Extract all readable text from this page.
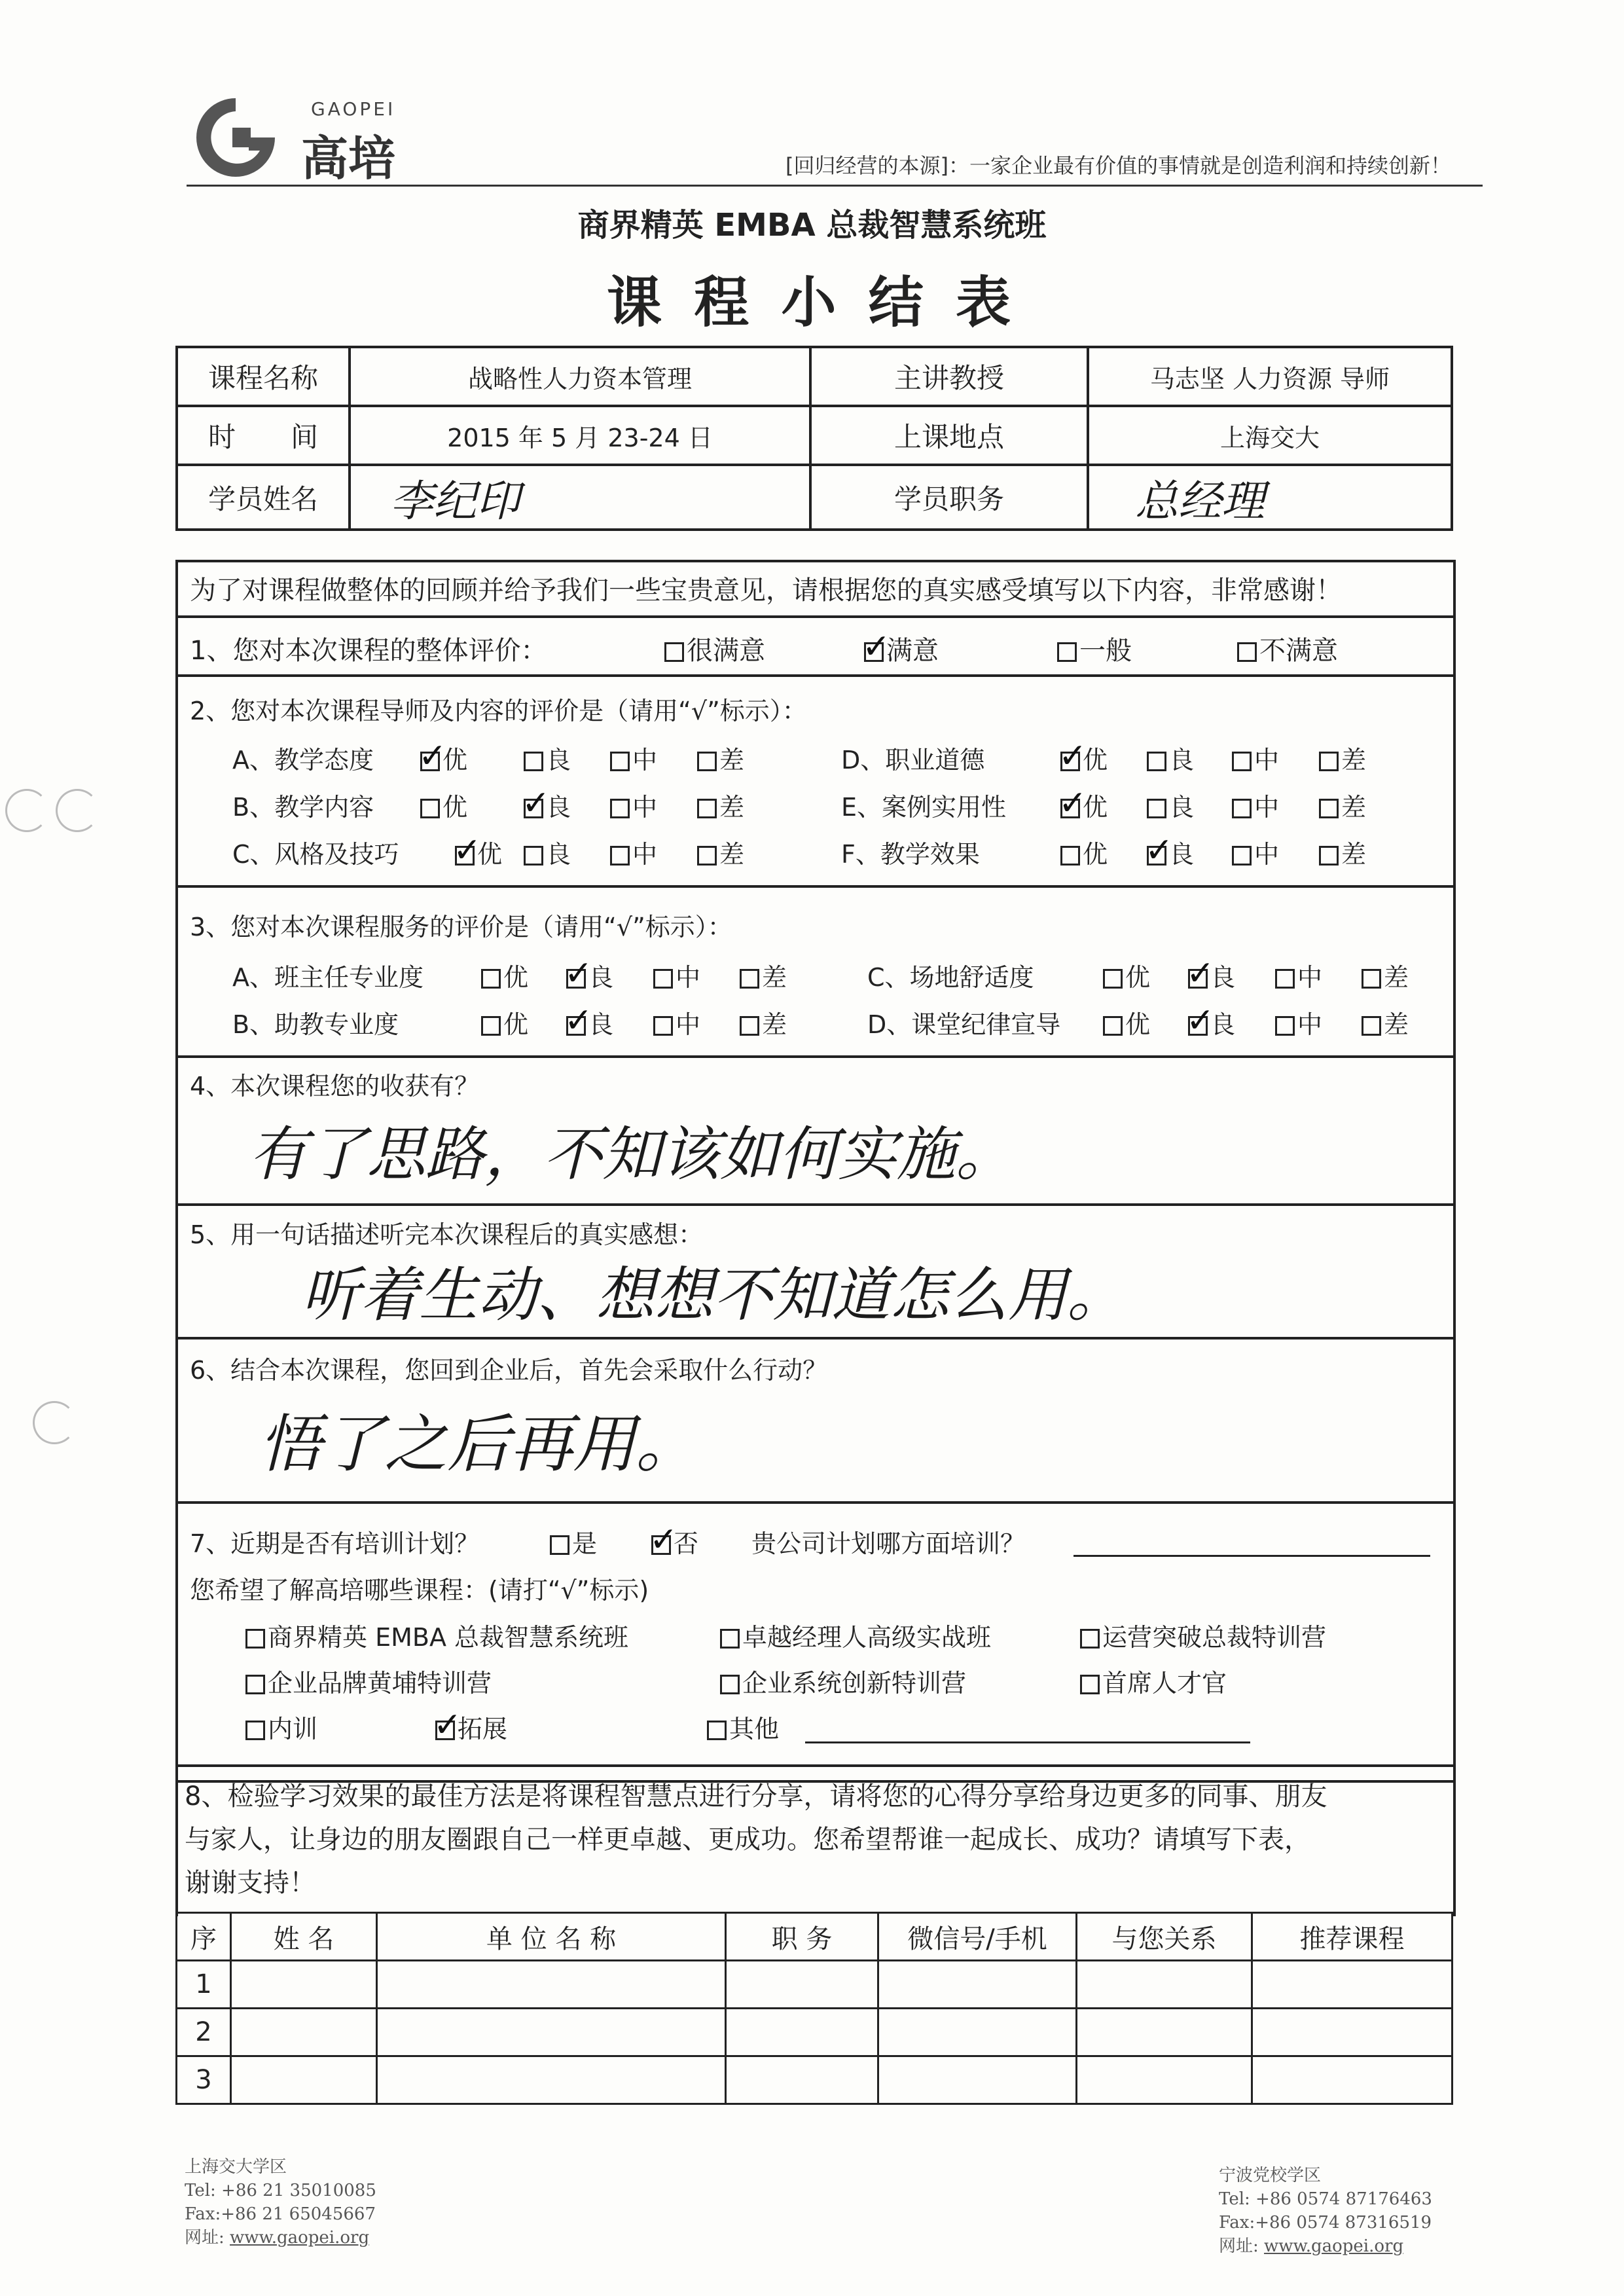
GAOPEI
高培	[回归经营的本源]：一家企业最有价值的事情就是创造利润和持续创新！
商界精英 EMBA 总裁智慧系统班
课 程 小 结 表
课程名称	战略性人力资本管理	主讲教授	马志坚 人力资源 导师
时　　间	2015 年 5 月 23-24 日	上课地点	上海交大
学员姓名	李纪印	学员职务	总经理
为了对课程做整体的回顾并给予我们一些宝贵意见，请根据您的真实感受填写以下内容，非常感谢！
1、您对本次课程的整体评价：	很满意 ✓	满意	一般	不满意
2、您对本次课程导师及内容的评价是（请用“√”标示）：
A、教学态度 ✓	优	良	中	差
B、教学内容	优 ✓	良	中	差
C、风格及技巧 ✓	优	良	中	差
D、职业道德 ✓	优	良	中	差
E、案例实用性 ✓	优	良	中	差
F、教学效果	优 ✓	良	中	差
3、您对本次课程服务的评价是（请用“√”标示）：
A、班主任专业度	优 ✓	良	中	差
B、助教专业度	优 ✓	良	中	差
C、场地舒适度	优 ✓	良	中	差
D、课堂纪律宣导	优 ✓	良	中	差
4、本次课程您的收获有？
有了思路，不知该如何实施。
5、用一句话描述听完本次课程后的真实感想：
听着生动、想想不知道怎么用。
6、结合本次课程，您回到企业后，首先会采取什么行动？
悟了之后再用。
7、近期是否有培训计划？	是 ✓	否 贵公司计划哪方面培训？
您希望了解高培哪些课程：(请打“√”标示)
商界精英 EMBA 总裁智慧系统班	卓越经理人高级实战班	运营突破总裁特训营
企业品牌黄埔特训营	企业系统创新特训营	首席人才官
内训 ✓	拓展	其他
8、检验学习效果的最佳方法是将课程智慧点进行分享，请将您的心得分享给身边更多的同事、朋友
与家人，让身边的朋友圈跟自己一样更卓越、更成功。您希望帮谁一起成长、成功？请填写下表，
谢谢支持！
序	姓 名	单 位 名 称	职 务	微信号/手机	与您关系	推荐课程
1						
2						
3						
上海交大学区
Tel: +86 21 35010085
Fax:+86 21 65045667
网址: www.gaopei.org
宁波党校学区
Tel: +86 0574 87176463
Fax:+86 0574 87316519
网址: www.gaopei.org
